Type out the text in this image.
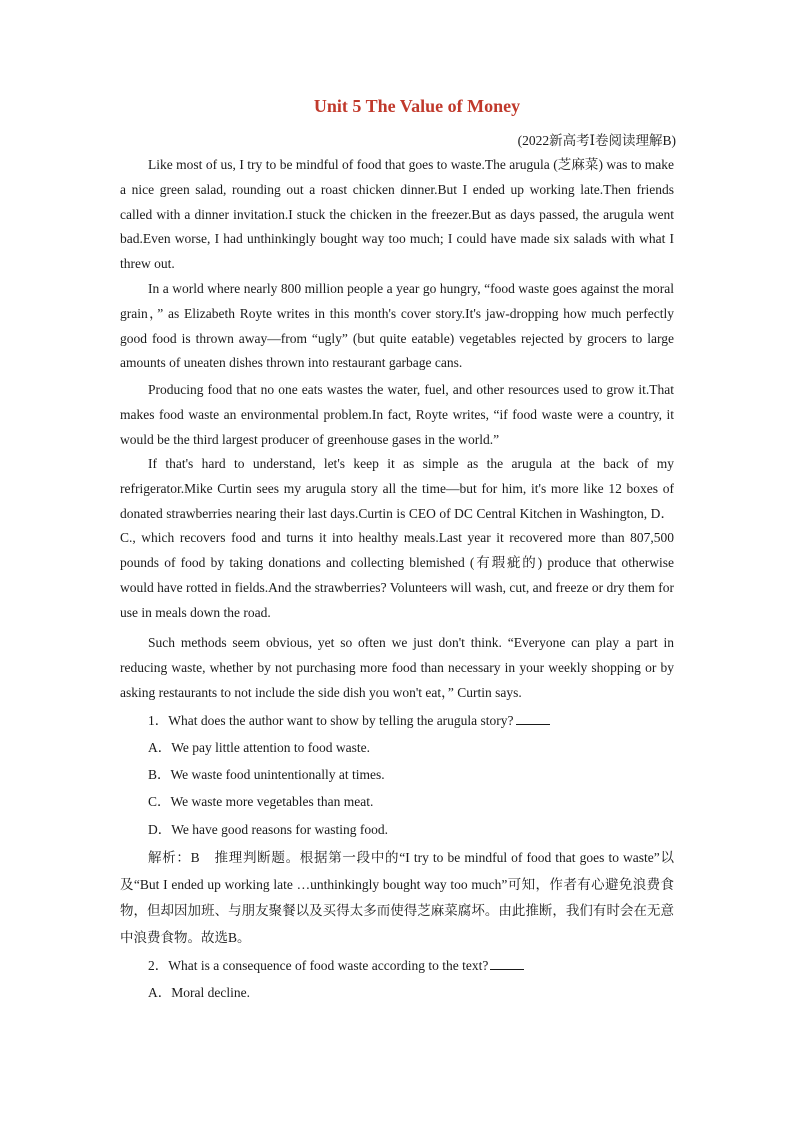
Unit 5 The Value of Money
(2022新高考Ⅰ卷阅读理解B)

Like most of us, I try to be mindful of food that goes to waste.The arugula (芝麻菜) was to make a nice green salad, rounding out a roast chicken dinner.But I ended up working late.Then friends called with a dinner invitation.I stuck the chicken in the freezer.But as days passed, the arugula went bad.Even worse, I had unthinkingly bought way too much; I could have made six salads with what I threw out.

In a world where nearly 800 million people a year go hungry, “food waste goes against the moral grain，” as Elizabeth Royte writes in this month's cover story.It's jaw-dropping how much perfectly good food is thrown away—from “ugly” (but quite eatable) vegetables rejected by grocers to large amounts of uneaten dishes thrown into restaurant garbage cans.

Producing food that no one eats wastes the water, fuel, and other resources used to grow it.That makes food waste an environmental problem.In fact, Royte writes, “if food waste were a country, it would be the third largest producer of greenhouse gases in the world.”

If that's hard to understand, let's keep it as simple as the arugula at the back of my refrigerator.Mike Curtin sees my arugula story all the time—but for him, it's more like 12 boxes of donated strawberries nearing their last days.Curtin is CEO of DC Central Kitchen in Washington, D．C., which recovers food and turns it into healthy meals.Last year it recovered more than 807,500 pounds of food by taking donations and collecting blemished (有瑕疵的) produce that otherwise would have rotted in fields.And the strawberries? Volunteers will wash, cut, and freeze or dry them for use in meals down the road.

Such methods seem obvious, yet so often we just don't think. “Everyone can play a part in reducing waste, whether by not purchasing more food than necessary in your weekly shopping or by asking restaurants to not include the side dish you won't eat，” Curtin says.

1．What does the author want to show by telling the arugula story?
A．We pay little attention to food waste.
B．We waste food unintentionally at times.
C．We waste more vegetables than meat.
D．We have good reasons for wasting food.

解析：B　推理判断题。根据第一段中的“I try to be mindful of food that goes to waste”以及“But I ended up working late …unthinkingly bought way too much”可知，作者有心避免浪费食物，但却因加班、与朋友聚餐以及买得太多而使得芝麻菜腐坏。由此推断，我们有时会在无意中浪费食物。故选B。

2．What is a consequence of food waste according to the text?
A．Moral decline.
